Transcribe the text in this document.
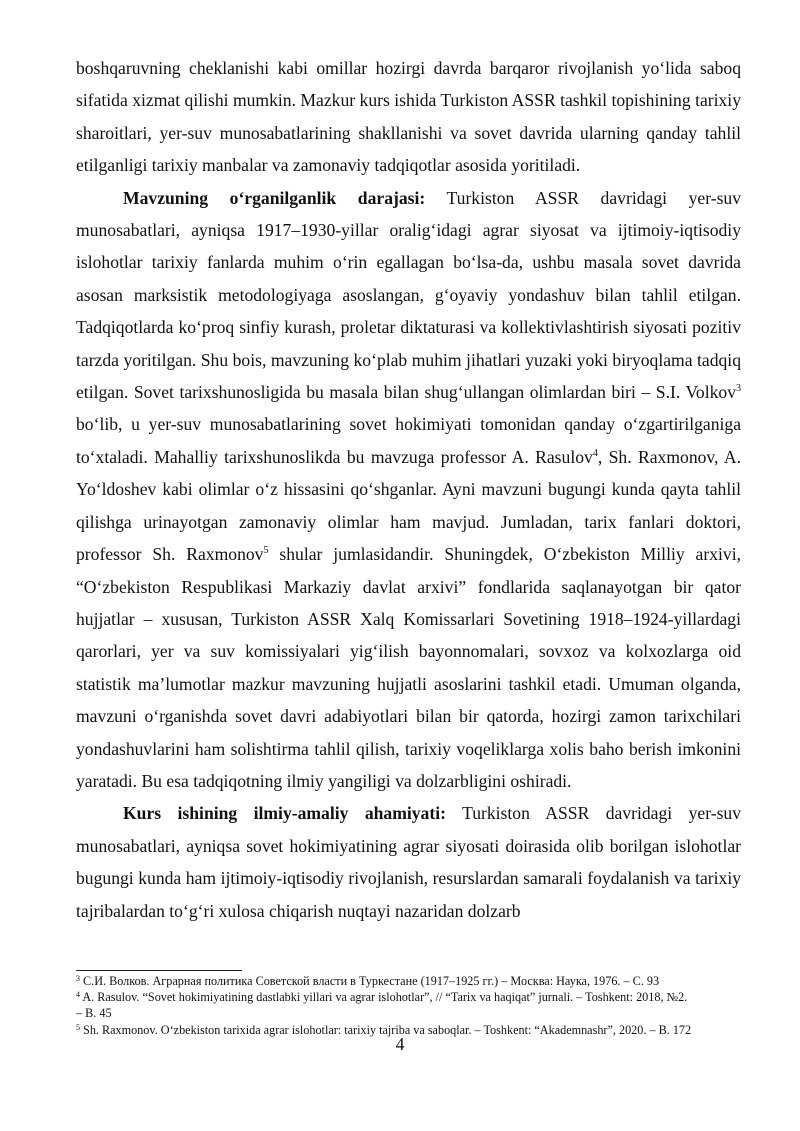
boshqaruvning cheklanishi kabi omillar hozirgi davrda barqaror rivojlanish yo‘lida saboq sifatida xizmat qilishi mumkin. Mazkur kurs ishida Turkiston ASSR tashkil topishining tarixiy sharoitlari, yer-suv munosabatlarining shakllanishi va sovet davrida ularning qanday tahlil etilganligi tarixiy manbalar va zamonaviy tadqiqotlar asosida yoritiladi.

Mavzuning o‘rganilganlik darajasi: Turkiston ASSR davridagi yer-suv munosabatlari, ayniqsa 1917–1930-yillar oralig‘idagi agrar siyosat va ijtimoiy-iqtisodiy islohotlar tarixiy fanlarda muhim o‘rin egallagan bo‘lsa-da, ushbu masala sovet davrida asosan marksistik metodologiyaga asoslangan, g‘oyaviy yondashuv bilan tahlil etilgan. Tadqiqotlarda ko‘proq sinfiy kurash, proletar diktaturasi va kollektivlashtirish siyosati pozitiv tarzda yoritilgan. Shu bois, mavzuning ko‘plab muhim jihatlari yuzaki yoki biryoqlama tadqiq etilgan. Sovet tarixshunosligida bu masala bilan shug‘ullangan olimlardan biri – S.I. Volkov$^3$ bo‘lib, u yer-suv munosabatlarining sovet hokimiyati tomonidan qanday o‘zgartirilganiga to‘xtaladi. Mahalliy tarixshunoslikda bu mavzuga professor A. Rasulov$^4$, Sh. Raxmonov, A. Yo‘ldoshev kabi olimlar o‘z hissasini qo‘shganlar. Ayni mavzuni bugungi kunda qayta tahlil qilishga urinayotgan zamonaviy olimlar ham mavjud. Jumladan, tarix fanlari doktori, professor Sh. Raxmonov$^5$ shular jumlasidandir. Shuningdek, O‘zbekiston Milliy arxivi, “O‘zbekiston Respublikasi Markaziy davlat arxivi” fondlarida saqlanayotgan bir qator hujjatlar – xususan, Turkiston ASSR Xalq Komissarlari Sovetining 1918–1924-yillardagi qarorlari, yer va suv komissiyalari yig‘ilish bayonnomalari, sovxoz va kolxozlarga oid statistik ma’lumotlar mazkur mavzuning hujjatli asoslarini tashkil etadi. Umuman olganda, mavzuni o‘rganishda sovet davri adabiyotlari bilan bir qatorda, hozirgi zamon tarixchilari yondashuvlarini ham solishtirma tahlil qilish, tarixiy voqeliklarga xolis baho berish imkonini yaratadi. Bu esa tadqiqotning ilmiy yangiligi va dolzarbligini oshiradi.

Kurs ishining ilmiy-amaliy ahamiyati: Turkiston ASSR davridagi yer-suv munosabatlari, ayniqsa sovet hokimiyatining agrar siyosati doirasida olib borilgan islohotlar bugungi kunda ham ijtimoiy-iqtisodiy rivojlanish, resurslardan samarali foydalanish va tarixiy tajribalardan to‘g‘ri xulosa chiqarish nuqtayi nazaridan dolzarb

$^3$ С.И. Волков. Аграрная политика Советской власти в Туркестане (1917–1925 гг.) – Москва: Наука, 1976. – С. 93
$^4$ A. Rasulov. “Sovet hokimiyatining dastlabki yillari va agrar islohotlar”, // “Tarix va haqiqat” jurnali. – Toshkent: 2018, №2.
– B. 45
$^5$ Sh. Raxmonov. O‘zbekiston tarixida agrar islohotlar: tarixiy tajriba va saboqlar. – Toshkent: “Akademnashr”, 2020. – B. 172
4
